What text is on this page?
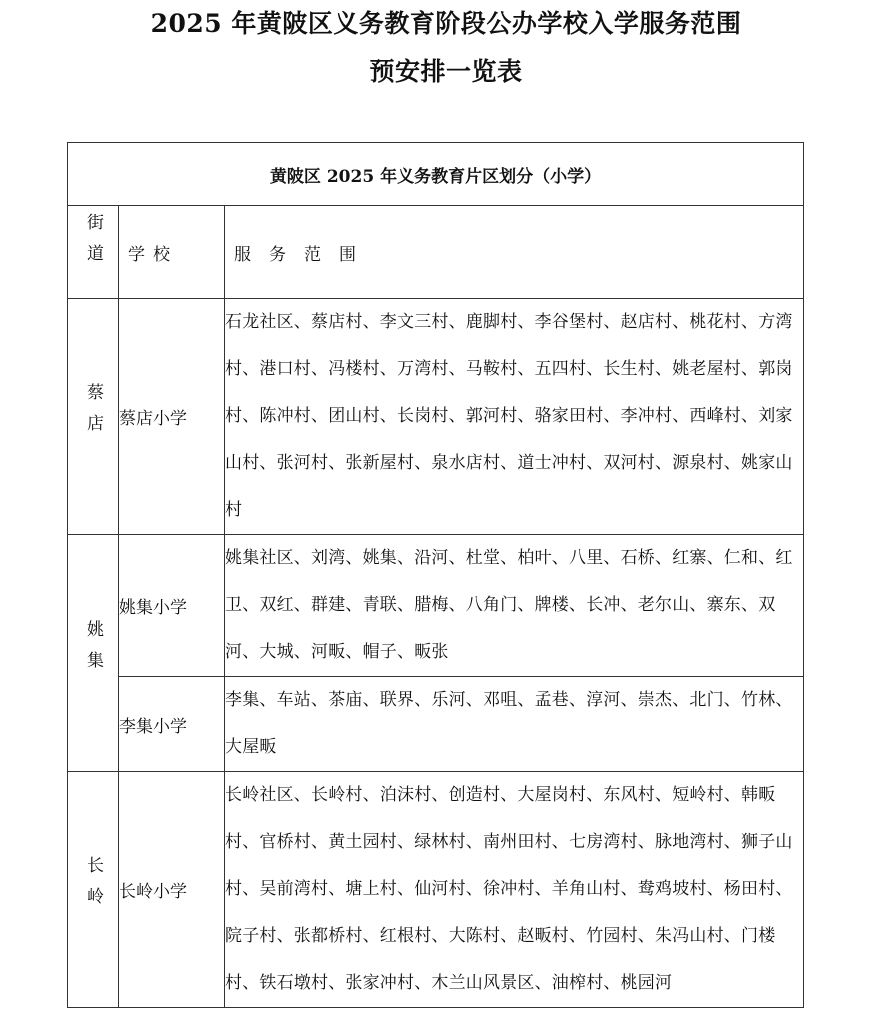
2025 年黄陂区义务教育阶段公办学校入学服务范围
预安排一览表
黄陂区 2025 年义务教育片区划分（小学）		
街道	学校	服务范围
蔡店	蔡店小学	石龙社区、蔡店村、李文三村、鹿脚村、李谷堡村、赵店村、桃花村、方湾村、港口村、冯楼村、万湾村、马鞍村、五四村、长生村、姚老屋村、郭岗村、陈冲村、团山村、长岗村、郭河村、骆家田村、李冲村、西峰村、刘家山村、张河村、张新屋村、泉水店村、道士冲村、双河村、源泉村、姚家山村
姚集	姚集小学	姚集社区、刘湾、姚集、沿河、杜堂、柏叶、八里、石桥、红寨、仁和、红卫、双红、群建、青联、腊梅、八角门、牌楼、长冲、老尔山、寨东、双河、大城、河畈、帽子、畈张
	李集小学	李集、车站、茶庙、联界、乐河、邓咀、孟巷、淳河、崇杰、北门、竹林、大屋畈
长岭	长岭小学	长岭社区、长岭村、泊沫村、创造村、大屋岗村、东风村、短岭村、韩畈村、官桥村、黄土园村、绿林村、南州田村、七房湾村、脉地湾村、狮子山村、吴前湾村、塘上村、仙河村、徐冲村、羊角山村、鸯鸡坡村、杨田村、院子村、张都桥村、红根村、大陈村、赵畈村、竹园村、朱冯山村、门楼村、铁石墩村、张家冲村、木兰山风景区、油榨村、桃园河
